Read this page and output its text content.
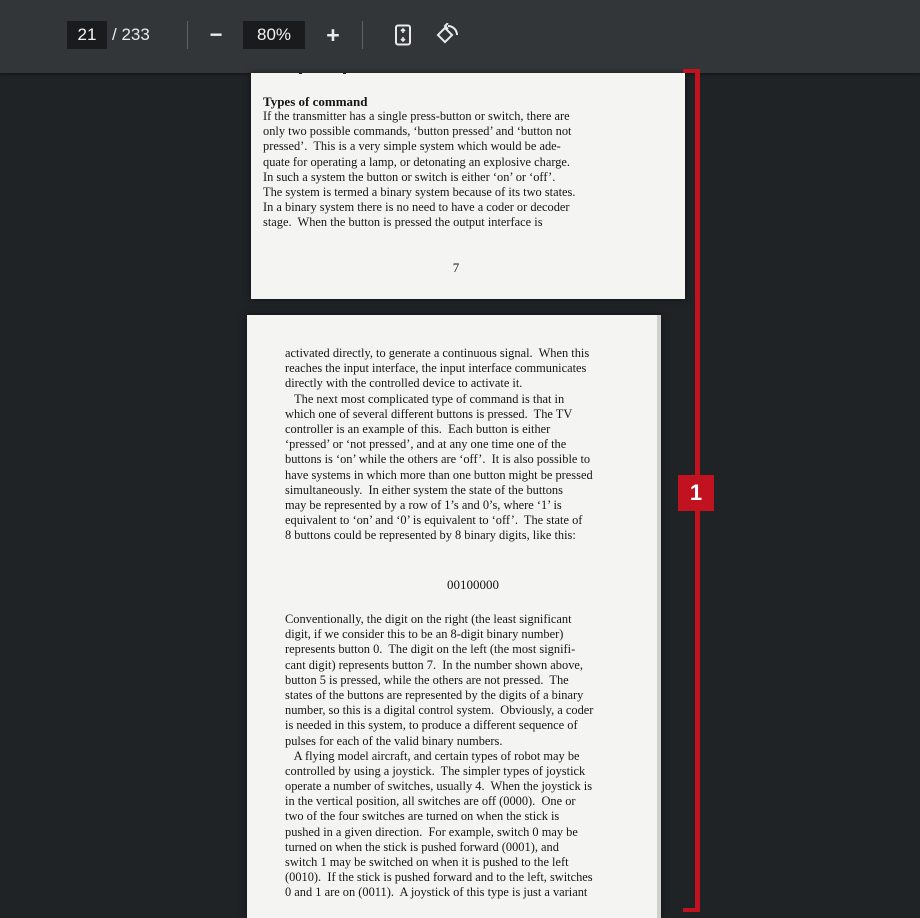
21
/ 233	−
80%	+
Types of command
If the transmitter has a single press-button or switch, there are
only two possible commands, ‘button pressed’ and ‘button not
pressed’.  This is a very simple system which would be ade-
quate for operating a lamp, or detonating an explosive charge.
In such a system the button or switch is either ‘on’ or ‘off’.
The system is termed a binary system because of its two states.
In a binary system there is no need to have a coder or decoder
stage.  When the button is pressed the output interface is
7
activated directly, to generate a continuous signal.  When this
reaches the input interface, the input interface communicates
directly with the controlled device to activate it.
The next most complicated type of command is that in
which one of several different buttons is pressed.  The TV
controller is an example of this.  Each button is either
‘pressed’ or ‘not pressed’, and at any one time one of the
buttons is ‘on’ while the others are ‘off’.  It is also possible to
have systems in which more than one button might be pressed
simultaneously.  In either system the state of the buttons
may be represented by a row of 1’s and 0’s, where ‘1’ is
equivalent to ‘on’ and ‘0’ is equivalent to ‘off’.  The state of
8 buttons could be represented by 8 binary digits, like this:
00100000
Conventionally, the digit on the right (the least significant
digit, if we consider this to be an 8-digit binary number)
represents button 0.  The digit on the left (the most signifi-
cant digit) represents button 7.  In the number shown above,
button 5 is pressed, while the others are not pressed.  The
states of the buttons are represented by the digits of a binary
number, so this is a digital control system.  Obviously, a coder
is needed in this system, to produce a different sequence of
pulses for each of the valid binary numbers.
A flying model aircraft, and certain types of robot may be
controlled by using a joystick.  The simpler types of joystick
operate a number of switches, usually 4.  When the joystick is
in the vertical position, all switches are off (0000).  One or
two of the four switches are turned on when the stick is
pushed in a given direction.  For example, switch 0 may be
turned on when the stick is pushed forward (0001), and
switch 1 may be switched on when it is pushed to the left
(0010).  If the stick is pushed forward and to the left, switches
0 and 1 are on (0011).  A joystick of this type is just a variant
1
